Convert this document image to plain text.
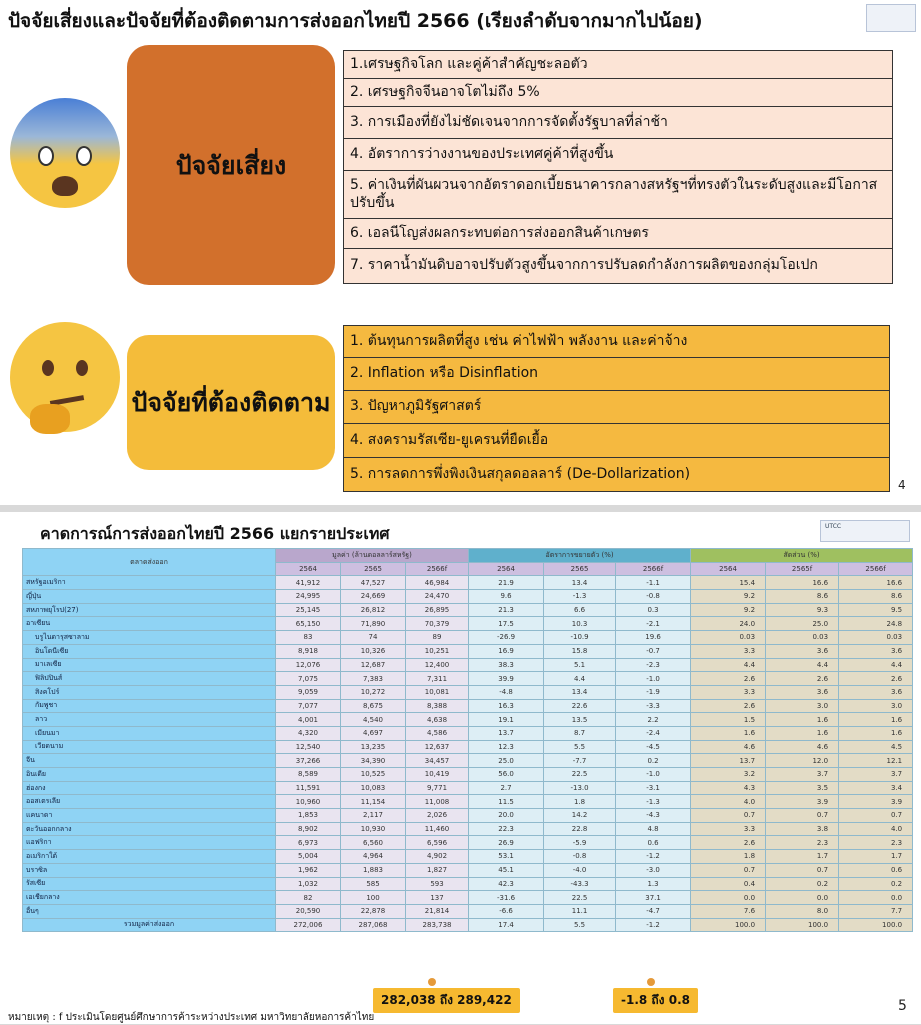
ปัจจัยเสี่ยงและปัจจัยที่ต้องติดตามการส่งออกไทยปี 2566 (เรียงลำดับจากมากไปน้อย)
ปัจจัยเสี่ยง
1.เศรษฐกิจโลก และคู่ค้าสำคัญชะลอตัว
2. เศรษฐกิจจีนอาจโตไม่ถึง 5%
3. การเมืองที่ยังไม่ชัดเจนจากการจัดตั้งรัฐบาลที่ล่าช้า
4. อัตราการว่างงานของประเทศคู่ค้าที่สูงขึ้น
5. ค่าเงินที่ผันผวนจากอัตราดอกเบี้ยธนาคารกลางสหรัฐฯที่ทรงตัวในระดับสูงและมีโอกาสปรับขึ้น
6. เอลนีโญส่งผลกระทบต่อการส่งออกสินค้าเกษตร
7. ราคาน้ำมันดิบอาจปรับตัวสูงขึ้นจากการปรับลดกำลังการผลิตของกลุ่มโอเปก
ปัจจัยที่ต้องติดตาม
1. ต้นทุนการผลิตที่สูง เช่น ค่าไฟฟ้า พลังงาน และค่าจ้าง
2. Inflation หรือ Disinflation
3. ปัญหาภูมิรัฐศาสตร์
4. สงครามรัสเซีย-ยูเครนที่ยืดเยื้อ
5. การลดการพึ่งพิงเงินสกุลดอลลาร์ (De-Dollarization)
4
คาดการณ์การส่งออกไทยปี 2566 แยกรายประเทศ	UTCC
ตลาดส่งออก	มูลค่า (ล้านดอลลาร์สหรัฐ)			อัตราการขยายตัว (%)			สัดส่วน (%)		
	2564	2565	2566f	2564	2565	2566f	2564	2565f	2566f
สหรัฐอเมริกา	41,912	47,527	46,984	21.9	13.4	-1.1	15.4	16.6	16.6
ญี่ปุ่น	24,995	24,669	24,470	9.6	-1.3	-0.8	9.2	8.6	8.6
สหภาพยุโรป(27)	25,145	26,812	26,895	21.3	6.6	0.3	9.2	9.3	9.5
อาเซียน	65,150	71,890	70,379	17.5	10.3	-2.1	24.0	25.0	24.8
บรูไนดารุสซาลาม	83	74	89	-26.9	-10.9	19.6	0.03	0.03	0.03
อินโดนีเซีย	8,918	10,326	10,251	16.9	15.8	-0.7	3.3	3.6	3.6
มาเลเซีย	12,076	12,687	12,400	38.3	5.1	-2.3	4.4	4.4	4.4
ฟิลิปปินส์	7,075	7,383	7,311	39.9	4.4	-1.0	2.6	2.6	2.6
สิงคโปร์	9,059	10,272	10,081	-4.8	13.4	-1.9	3.3	3.6	3.6
กัมพูชา	7,077	8,675	8,388	16.3	22.6	-3.3	2.6	3.0	3.0
ลาว	4,001	4,540	4,638	19.1	13.5	2.2	1.5	1.6	1.6
เมียนมา	4,320	4,697	4,586	13.7	8.7	-2.4	1.6	1.6	1.6
เวียดนาม	12,540	13,235	12,637	12.3	5.5	-4.5	4.6	4.6	4.5
จีน	37,266	34,390	34,457	25.0	-7.7	0.2	13.7	12.0	12.1
อินเดีย	8,589	10,525	10,419	56.0	22.5	-1.0	3.2	3.7	3.7
ฮ่องกง	11,591	10,083	9,771	2.7	-13.0	-3.1	4.3	3.5	3.4
ออสเตรเลีย	10,960	11,154	11,008	11.5	1.8	-1.3	4.0	3.9	3.9
แคนาดา	1,853	2,117	2,026	20.0	14.2	-4.3	0.7	0.7	0.7
ตะวันออกกลาง	8,902	10,930	11,460	22.3	22.8	4.8	3.3	3.8	4.0
แอฟริกา	6,973	6,560	6,596	26.9	-5.9	0.6	2.6	2.3	2.3
อเมริกาใต้	5,004	4,964	4,902	53.1	-0.8	-1.2	1.8	1.7	1.7
บราซิล	1,962	1,883	1,827	45.1	-4.0	-3.0	0.7	0.7	0.6
รัสเซีย	1,032	585	593	42.3	-43.3	1.3	0.4	0.2	0.2
เอเชียกลาง	82	100	137	-31.6	22.5	37.1	0.0	0.0	0.0
อื่นๆ	20,590	22,878	21,814	-6.6	11.1	-4.7	7.6	8.0	7.7
รวมมูลค่าส่งออก	272,006	287,068	283,738	17.4	5.5	-1.2	100.0	100.0	100.0
282,038 ถึง 289,422	-1.8 ถึง 0.8	5
หมายเหตุ : f ประเมินโดยศูนย์ศึกษาการค้าระหว่างประเทศ มหาวิทยาลัยหอการค้าไทย
